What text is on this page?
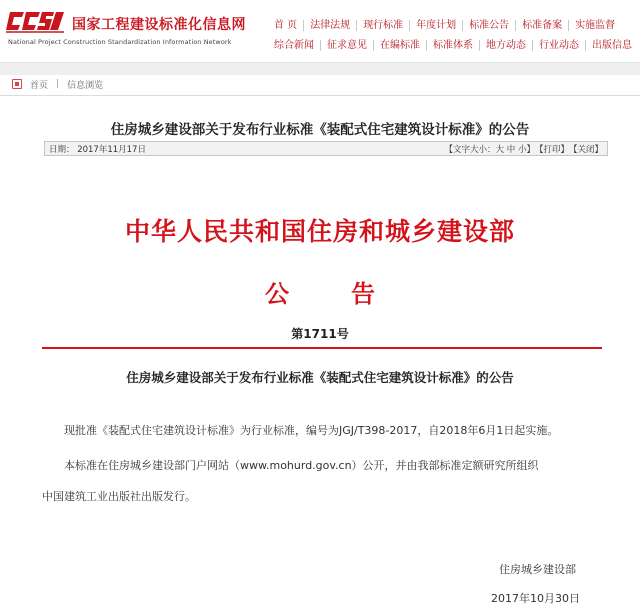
国家工程建设标准化信息网
National Project Construction Standardization Information Network
首 页	法律法规	现行标准	年度计划	标准公告	标准备案	实施监督
综合新闻	征求意见	在编标准	标准体系	地方动态	行业动态	出版信息
首页 | 信息浏览
住房城乡建设部关于发布行业标准《装配式住宅建筑设计标准》的公告
日期： 2017年11月17日	【文字大小： 大
中
小 】 【打印】 【关闭】
中华人民共和国住房和城乡建设部
公告
第1711号
住房城乡建设部关于发布行业标准《装配式住宅建筑设计标准》的公告
现批准《装配式住宅建筑设计标准》为行业标准，编号为JGJ/T398-2017，自2018年6月1日起实施。
本标准在住房城乡建设部门户网站（www.mohurd.gov.cn）公开，并由我部标准定额研究所组织
中国建筑工业出版社出版发行。
住房城乡建设部
2017年10月30日
